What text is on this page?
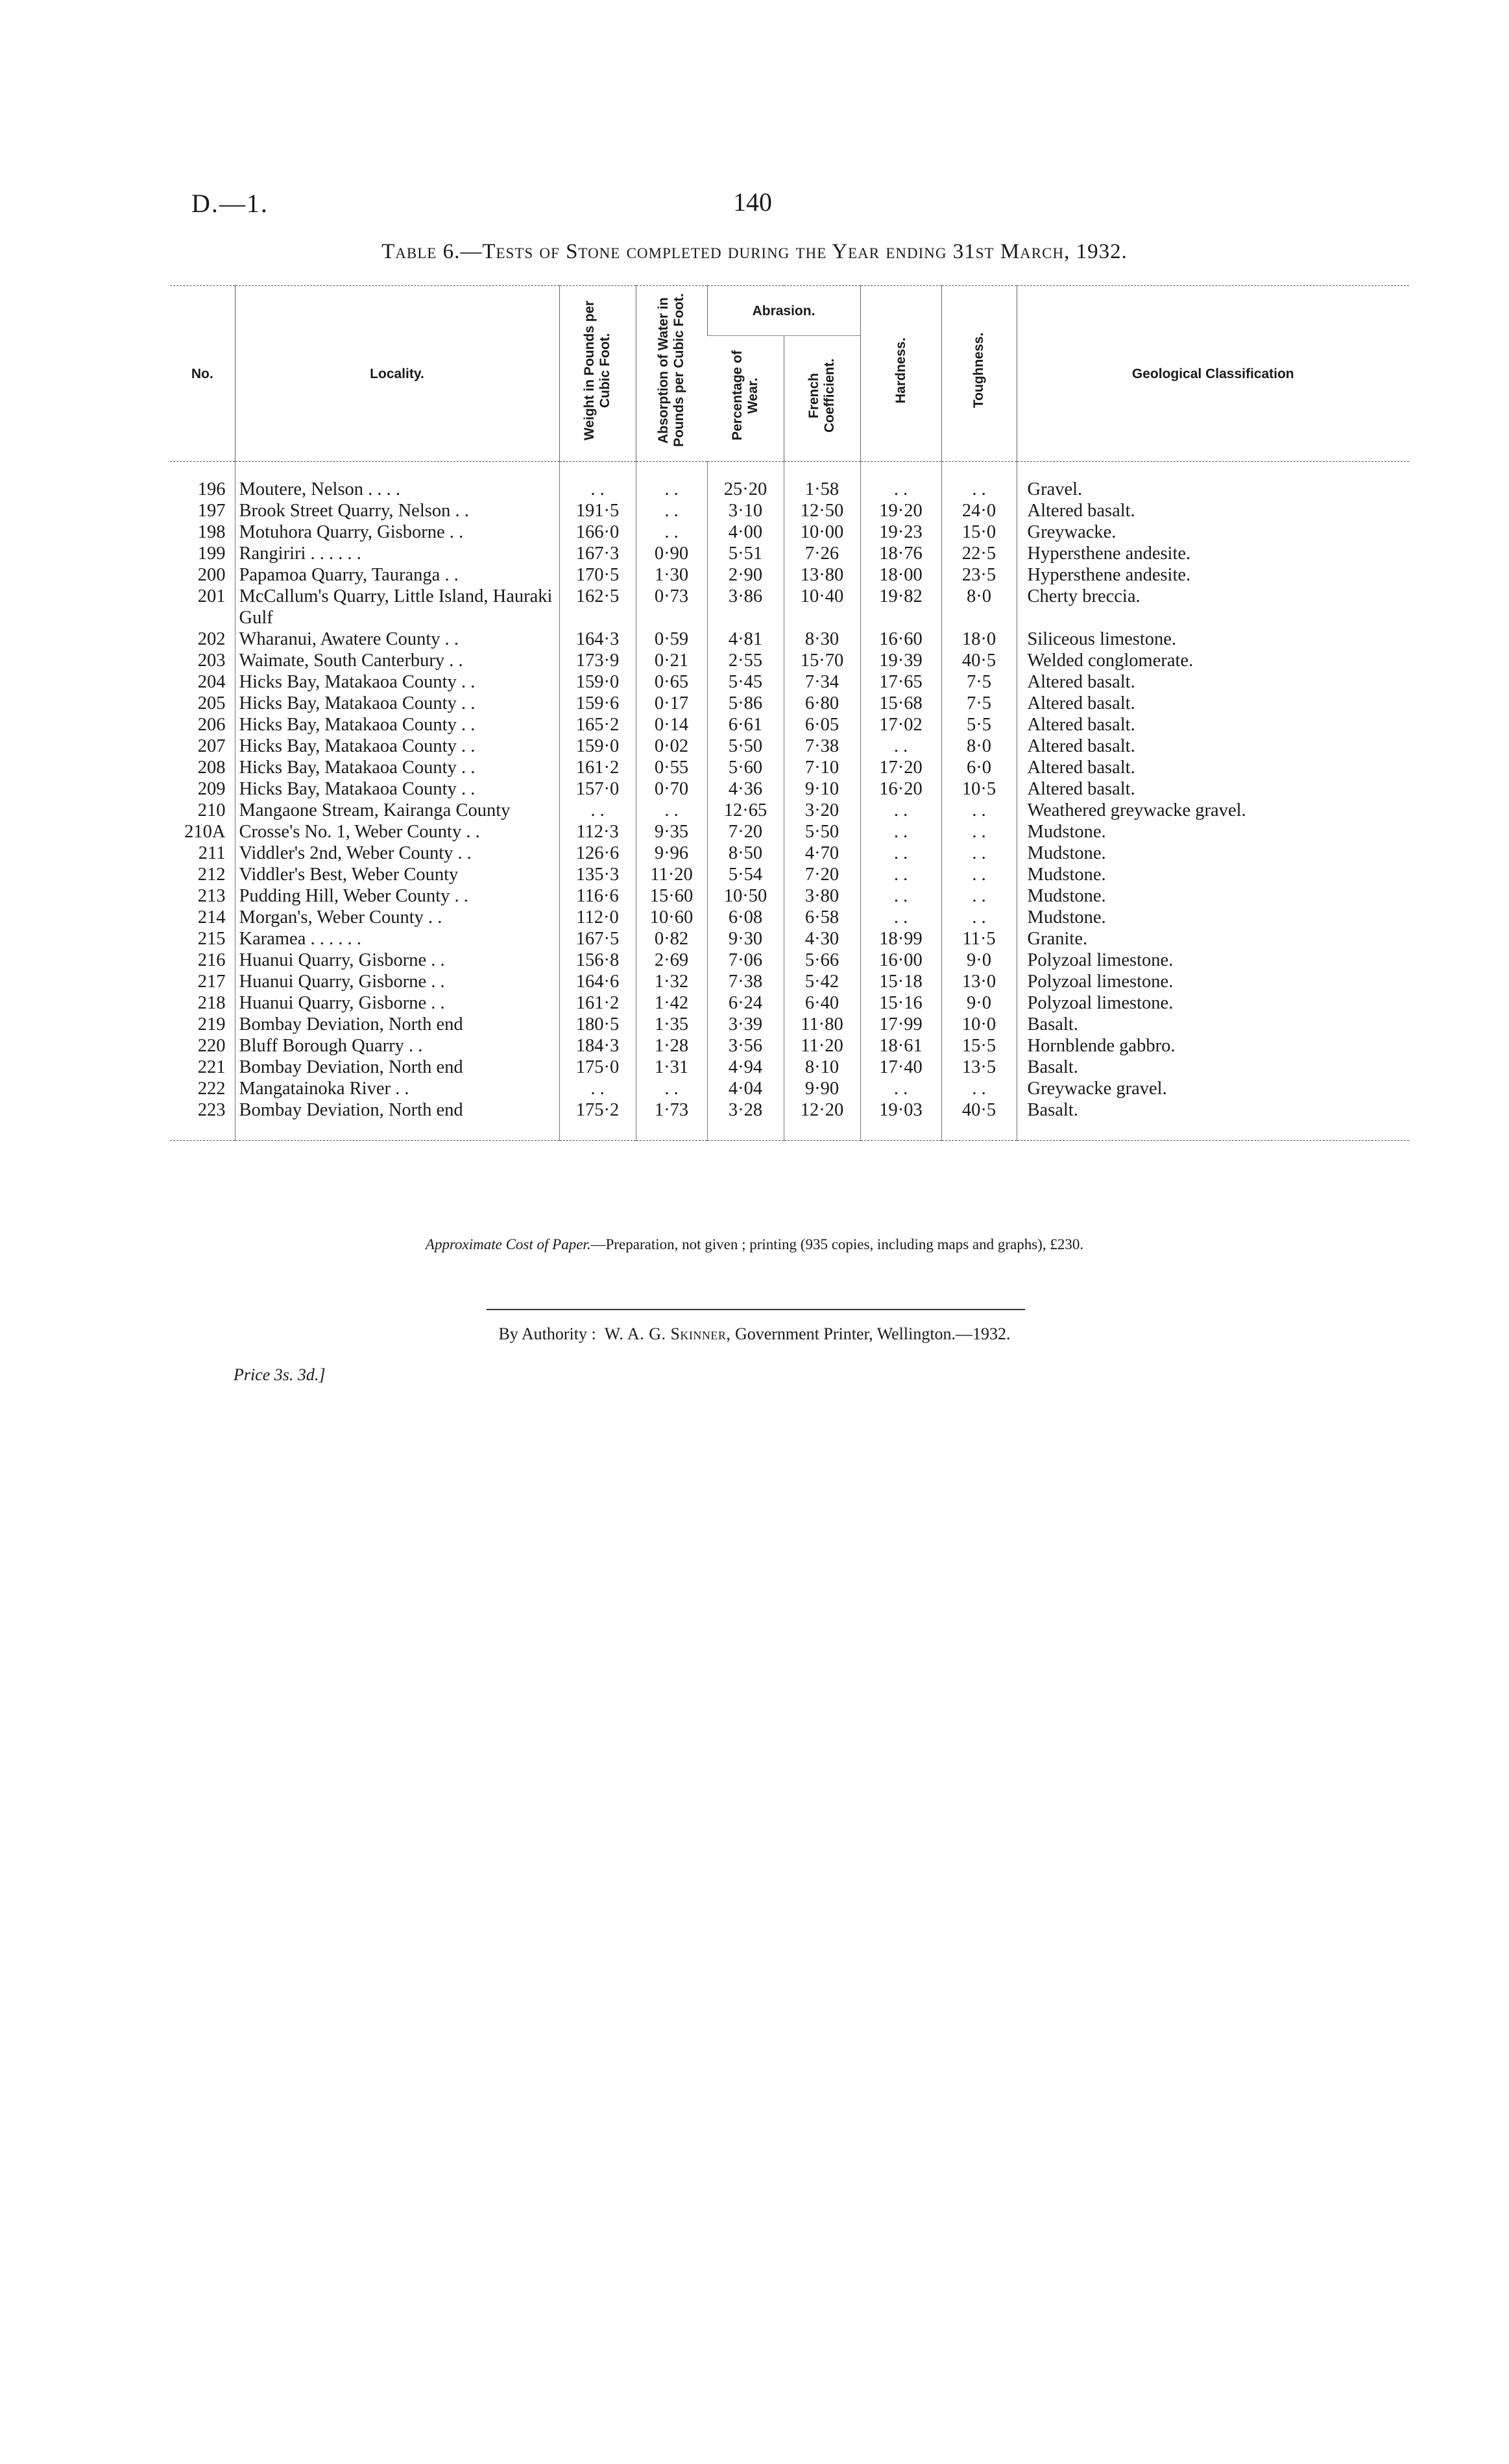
D.—1.	140
Table 6.—Tests of Stone completed during the Year ending 31st March, 1932.
No.	Locality.	Weight in Pounds per Cubic Foot.	Absorption of Water in Pounds per Cubic Foot.	Abrasion.		Hardness.	Toughness.	Geological Classification
				Percentage of Wear.	French Coefficient.			
196	Moutere, Nelson . . . .	. .	. .	25·20	1·58	. .	. .	Gravel.
197	Brook Street Quarry, Nelson . .	191·5	. .	3·10	12·50	19·20	24·0	Altered basalt.
198	Motuhora Quarry, Gisborne . .	166·0	. .	4·00	10·00	19·23	15·0	Greywacke.
199	Rangiriri . . . . . .	167·3	0·90	5·51	7·26	18·76	22·5	Hypersthene andesite.
200	Papamoa Quarry, Tauranga . .	170·5	1·30	2·90	13·80	18·00	23·5	Hypersthene andesite.
201	McCallum's Quarry, Little Island, Hauraki Gulf	162·5	0·73	3·86	10·40	19·82	8·0	Cherty breccia.
202	Wharanui, Awatere County . .	164·3	0·59	4·81	8·30	16·60	18·0	Siliceous limestone.
203	Waimate, South Canterbury . .	173·9	0·21	2·55	15·70	19·39	40·5	Welded conglomerate.
204	Hicks Bay, Matakaoa County . .	159·0	0·65	5·45	7·34	17·65	7·5	Altered basalt.
205	Hicks Bay, Matakaoa County . .	159·6	0·17	5·86	6·80	15·68	7·5	Altered basalt.
206	Hicks Bay, Matakaoa County . .	165·2	0·14	6·61	6·05	17·02	5·5	Altered basalt.
207	Hicks Bay, Matakaoa County . .	159·0	0·02	5·50	7·38	. .	8·0	Altered basalt.
208	Hicks Bay, Matakaoa County . .	161·2	0·55	5·60	7·10	17·20	6·0	Altered basalt.
209	Hicks Bay, Matakaoa County . .	157·0	0·70	4·36	9·10	16·20	10·5	Altered basalt.
210	Mangaone Stream, Kairanga County	. .	. .	12·65	3·20	. .	. .	Weathered greywacke gravel.
210A	Crosse's No. 1, Weber County . .	112·3	9·35	7·20	5·50	. .	. .	Mudstone.
211	Viddler's 2nd, Weber County . .	126·6	9·96	8·50	4·70	. .	. .	Mudstone.
212	Viddler's Best, Weber County	135·3	11·20	5·54	7·20	. .	. .	Mudstone.
213	Pudding Hill, Weber County . .	116·6	15·60	10·50	3·80	. .	. .	Mudstone.
214	Morgan's, Weber County . .	112·0	10·60	6·08	6·58	. .	. .	Mudstone.
215	Karamea . . . . . .	167·5	0·82	9·30	4·30	18·99	11·5	Granite.
216	Huanui Quarry, Gisborne . .	156·8	2·69	7·06	5·66	16·00	9·0	Polyzoal limestone.
217	Huanui Quarry, Gisborne . .	164·6	1·32	7·38	5·42	15·18	13·0	Polyzoal limestone.
218	Huanui Quarry, Gisborne . .	161·2	1·42	6·24	6·40	15·16	9·0	Polyzoal limestone.
219	Bombay Deviation, North end	180·5	1·35	3·39	11·80	17·99	10·0	Basalt.
220	Bluff Borough Quarry . .	184·3	1·28	3·56	11·20	18·61	15·5	Hornblende gabbro.
221	Bombay Deviation, North end	175·0	1·31	4·94	8·10	17·40	13·5	Basalt.
222	Mangatainoka River . .	. .	. .	4·04	9·90	. .	. .	Greywacke gravel.
223	Bombay Deviation, North end	175·2	1·73	3·28	12·20	19·03	40·5	Basalt.
Approximate Cost of Paper.—Preparation, not given ; printing (935 copies, including maps and graphs), £230.
By Authority : W. A. G. Skinner, Government Printer, Wellington.—1932.
Price 3s. 3d.]
